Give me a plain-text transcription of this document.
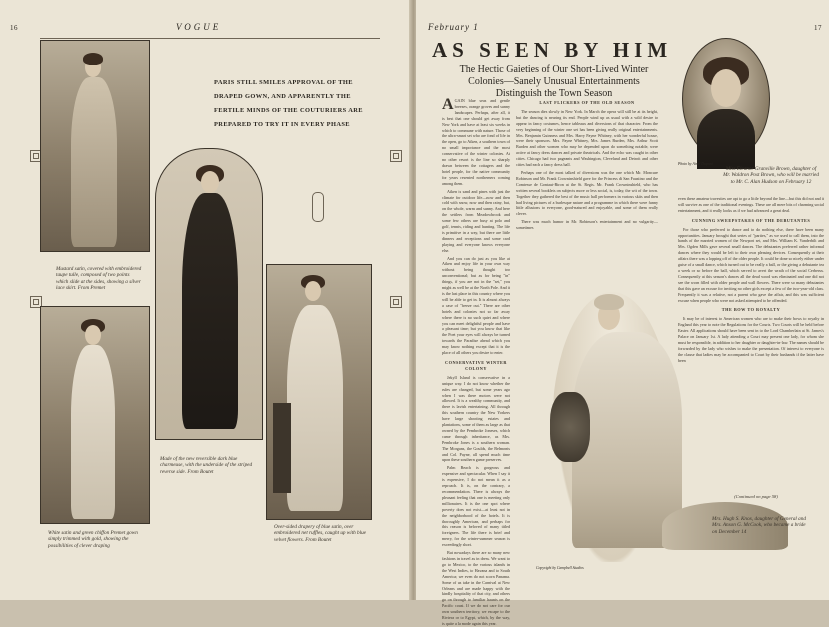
16	VOGUE
Mustard satin, covered with embroidered taupe tulle, composed of two points which slide at the sides, showing a silver lace skirt. From Premet
Made of the new reversible dark blue charmeuse, with the underside of the striped reverse side. From Boutet
PARIS STILL SMILES APPROVAL OF THE
DRAPED GOWN, AND APPARENTLY THE
FERTILE MINDS OF THE COUTURIERS ARE
PREPARED TO TRY IT IN EVERY PHASE
White satin and green chiffon Premet gown simply trimmed with gold, showing the possibilities of clever draping
Over-sided drapery of blue satin, over embroidered net ruffles, caught up with blue velvet flowers. From Boutet
February 1	17
AS SEEN BY HIM
The Hectic Gaieties of Our Short-Lived Winter Colonies—Sanely Unusual Entertainments Distinguish the Town Season
Photo by Aimé Dupont
Miss Eleanor Granville Brown, daughter of Mr. Waldron Post Brown, who will be married to Mr. C. Alan Hudson on February 12

AGAIN blue seas and gentle breezes, orange groves and sunny landscapes. Perhaps, after all, it is best that one should get away from New York and have at least six weeks in which to commune with nature. Those of the ultra-smart set who are fond of life in the open, go to Aiken, a southern town of no small importance and the most conservative of the winter colonies. At no other resort is the line so sharply drawn between the cottagers and the hotel people, for the native community for years resented northerners coming among them.

Aiken is sand and pines with just the climate for outdoor life—now and then cold with snow, now and then rainy, but, on the whole, warm and sunny. And here the settlers from Meadowbrook and some few others are busy at polo and golf, tennis, riding and hunting. The life is primitive in a way, but there are little dinners and receptions and some card playing and everyone knows everyone else.

And you can do just as you like at Aiken and enjoy life in your own way without being thought too unconventional; but as for being "in" things, if you are not in the "set," you might as well be at the North Pole. And it is the last place in this country where you will be able to get in. It is almost always a case of "freeze out." There are other hotels and colonies not so far away where there is no such quiet and where you can meet delightful people and have a pleasant time; but you know that like the Poet your eyes will always be turned towards the Paradise ahead which you may know nothing except that it is the place of all others you desire to enter.

CONSERVATIVE WINTER COLONY

Jekyll Island is conservative in a unique way. I do not know whether the rules are changed, but some years ago when I was there motors were not allowed. It is a wealthy community, and there is lavish entertaining. All through this southern country the New Yorkers have large shooting estates and plantations, some of them as large as that owned by the Pembroke Joneses, which came through inheritance, as Mrs. Pembroke Jones is a southern woman. The Morgans, the Goulds, the Belmonts and Col. Payne, all spend much time upon these southern game preserves.

Palm Beach is gorgeous and expensive and spectacular. When I say it is expensive, I do not mean it as a reproach. It is, on the contrary, a recommendation. There is always the pleasant feeling that one is meeting only millionaires. It is the one spot where poverty does not exist—at least not in the neighborhood of the hotels. It is thoroughly American, and perhaps for this reason is beloved of many titled foreigners. The life there is brief and merry, for the winter-summer season is exceedingly short.

But nowadays there are so many new fashions in travel as in dress. We want to go to Mexico, to the various islands in the West Indies, to Havana and to South America; we even do not scorn Panama. Some of us take in the Carnival at New Orleans and are made happy with the kindly hospitality of that city, and others go on through to familiar haunts on the Pacific coast. If we do not care for our own southern territory, we escape to the Riviera or to Egypt, which, by the way, is quite a la mode again this year.

LAST FLICKERS OF THE OLD SEASON

The season dies slowly in New York. In March the opera will still be at its height, but the dancing is nearing its end. People wind up as usual with a wild desire to appear in fancy costumes, hence tableaux and diversions of that character. From the very beginning of the winter one set has been giving really original entertainments. Mrs. Benjamin Guinness and Mrs. Harry Payne Whitney, with her wonderful house, were their sponsors. Mrs. Payne Whitney, Mrs. James Burden, Mrs. Arthur Scott Burden and other women who may be depended upon do something notable, were active at fancy dress dances and private theatricals. And the echo was caught in other cities. Chicago had two pageants and Washington, Cleveland and Detroit and other cities had each a fancy dress ball.

Perhaps one of the most talked of diversions was the one which Mr. Moncure Robinson and Mr. Frank Crowninshield gave for the Princess di San Faustino and the Comtesse de Gontaut-Biron at the St. Regis. Mr. Frank Crowninshield, who has written several booklets on subjects more or less social, is, today, the wit of the town. Together they gathered the best of the music hall performers in various skits and then had living pictures of a burlesque nature and a programme in which there were funny little allusions to everyone, good-natured and enjoyable, and some of them really clever.

There was much humor in Mr. Robinson's entertainment and no vulgarity—sometimes

Copyright by Campbell Studios

even these amateur travesties are apt to go a little beyond the line—but this did not and it will survive as one of the traditional evenings. These are all mere bits of charming social entertainment, and it really looks as if we had advanced a great deal.

CUNNING SWEEPSTAKES OF THE DEBUTANTES

For those who preferred to dance and to do nothing else, there have been many opportunities. January brought that series of "parties," as we used to call them, into the hands of the married women of the Newport set, and Mrs. William K. Vanderbilt and Mrs. Ogden Mills gave several small dances. The debutantes preferred rather informal dances where they would be left to their own pleasing devices. Consequently at their affairs there was a lopping off of the older people. It could be done so nicely either under guise of a small dance, which turned out to be really a ball, or the giving a debutante tea a week or so before the ball, which served to avert the wrath of the social Cerberus. Consequently at this season's dances all the dead wood was eliminated and one did not see the worn filled with older people and wall flowers. There were so many debutantes that this gave an excuse for inviting no other girls except a few of the two-year-old class. Frequently it was a relative, not a parent who gave the affair, and this was sufficient excuse when people who were not asked attempted to be offended.

THE BOW TO ROYALTY

It may be of interest to American women who are to make their bows to royalty in England this year to note the Regulations for the Courts. Two Courts will be held before Easter. All applications should have been sent in to the Lord Chamberlain at St. James's Palace on January 1st. A lady attending a Court may present one lady, for whom she must be responsible, in addition to her daughter or daughter-in-law. The names should be forwarded by the lady who wishes to make the presentation. Of interest to everyone is the clause that ladies may be accompanied to Court by their husbands if the latter have been

(Continued on page 58)
Mrs. Hugh S. Knox, daughter of General and Mrs. Anson G. McCook, who became a bride on December 14
